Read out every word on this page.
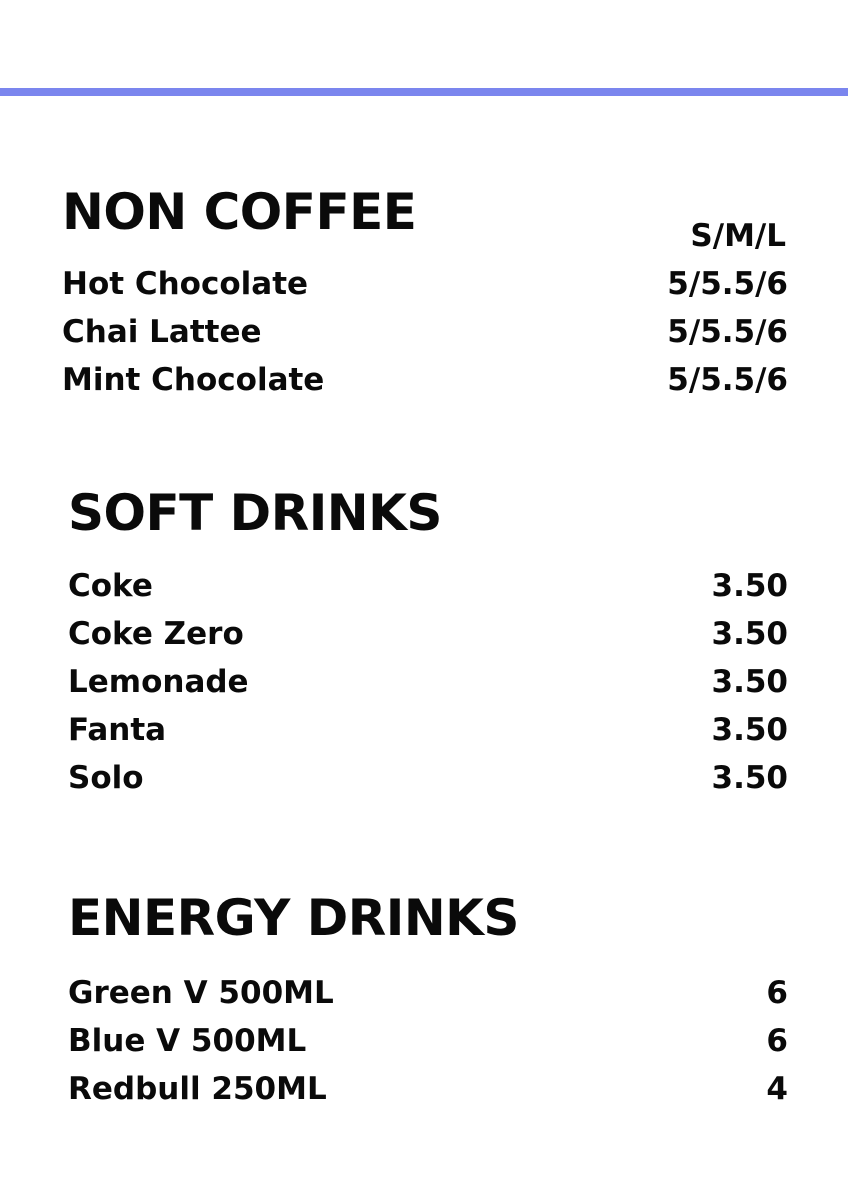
NON COFFEE	S/M/L
Hot Chocolate	5/5.5/6
Chai Lattee	5/5.5/6
Mint Chocolate	5/5.5/6
SOFT DRINKS
Coke	3.50
Coke Zero	3.50
Lemonade	3.50
Fanta	3.50
Solo	3.50
ENERGY DRINKS
Green V 500ML	6
Blue V 500ML	6
Redbull 250ML	4
